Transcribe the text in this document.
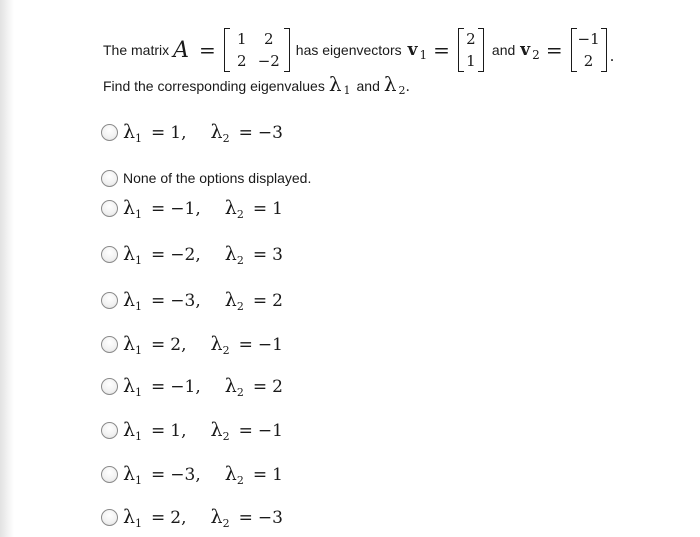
The matrix A =	1	2
2 −2
has eigenvectors v 1 = 2
1
and v 2 = −1
2	.
Find the corresponding eigenvalues λ 1 and λ 2 .
λ 1 = 1 , λ 2 = −3
None of the options displayed.
λ 1 = −1 , λ 2 = 1
λ 1 = −2 , λ 2 = 3
λ 1 = −3 , λ 2 = 2
λ 1 = 2 , λ 2 = −1
λ 1 = −1 , λ 2 = 2
λ 1 = 1 , λ 2 = −1
λ 1 = −3 , λ 2 = 1
λ 1 = 2 , λ 2 = −3
